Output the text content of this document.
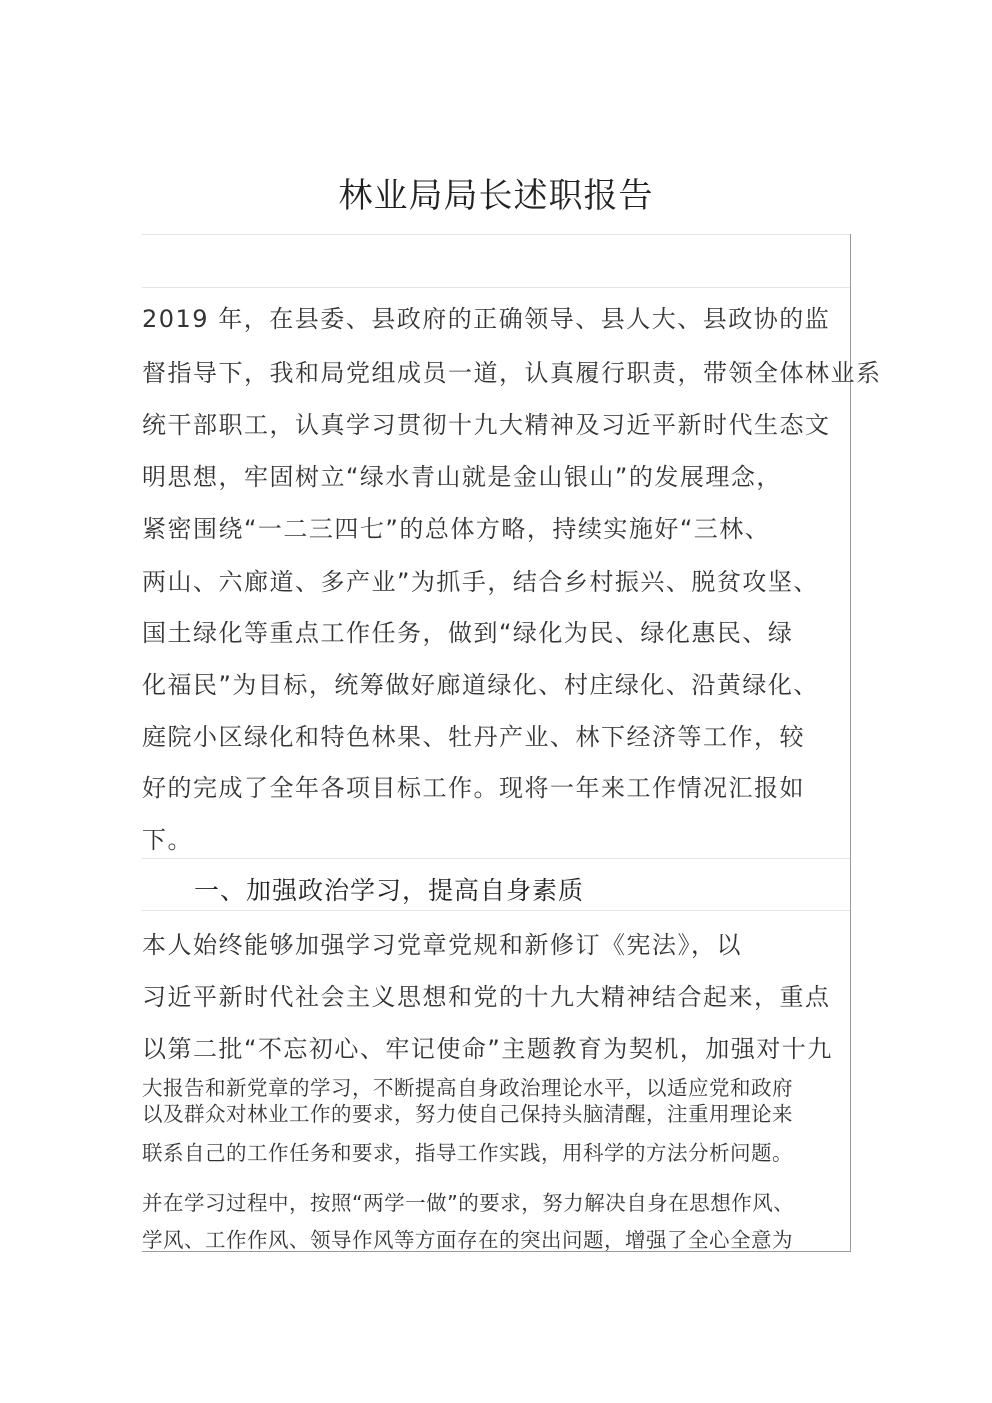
林业局局长述职报告
2019 年，在县委、县政府的正确领导、县人大、县政协的监
督指导下，我和局党组成员一道，认真履行职责，带领全体林业系
统干部职工，认真学习贯彻十九大精神及习近平新时代生态文
明思想，牢固树立“绿水青山就是金山银山”的发展理念，
紧密围绕“一二三四七”的总体方略，持续实施好“三林、
两山、六廊道、多产业”为抓手，结合乡村振兴、脱贫攻坚、
国土绿化等重点工作任务，做到“绿化为民、绿化惠民、绿
化福民”为目标，统筹做好廊道绿化、村庄绿化、沿黄绿化、
庭院小区绿化和特色林果、牡丹产业、林下经济等工作，较
好的完成了全年各项目标工作。现将一年来工作情况汇报如
下。
一、加强政治学习，提高自身素质
本人始终能够加强学习党章党规和新修订《宪法》，以
习近平新时代社会主义思想和党的十九大精神结合起来，重点
以第二批“不忘初心、牢记使命”主题教育为契机，加强对十九
大报告和新党章的学习，不断提高自身政治理论水平，以适应党和政府
以及群众对林业工作的要求，努力使自己保持头脑清醒，注重用理论来
联系自己的工作任务和要求，指导工作实践，用科学的方法分析问题。
并在学习过程中，按照“两学一做”的要求，努力解决自身在思想作风、
学风、工作作风、领导作风等方面存在的突出问题，增强了全心全意为
